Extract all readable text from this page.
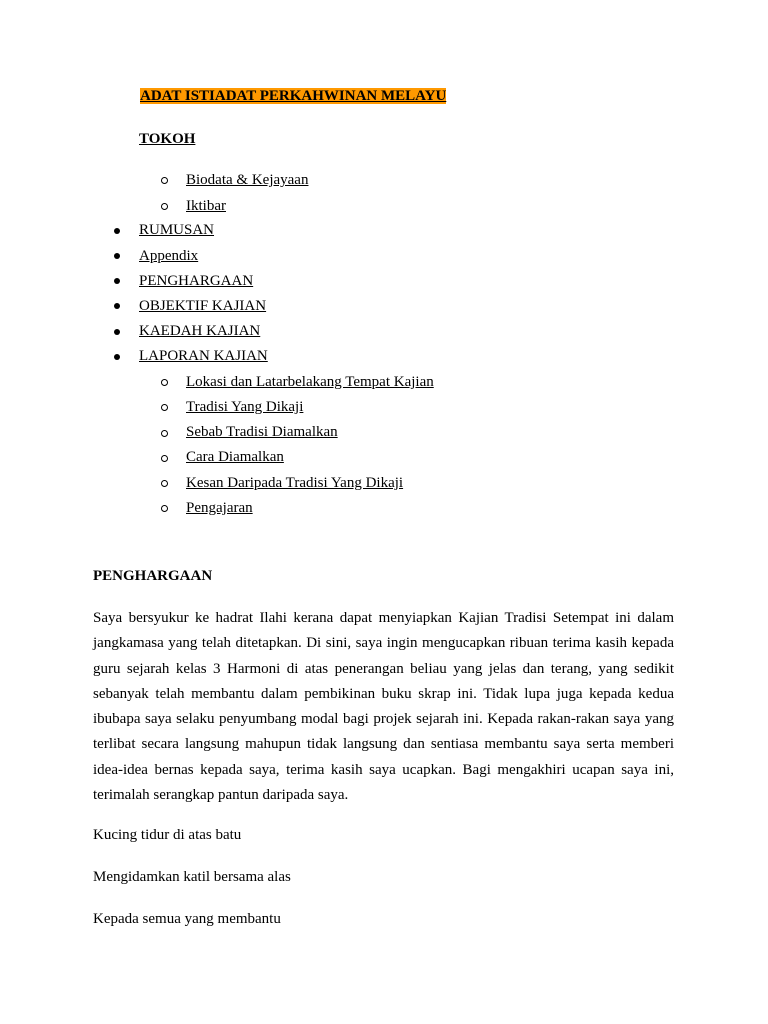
ADAT ISTIADAT PERKAHWINAN MELAYU
TOKOH
Biodata & Kejayaan
Iktibar
RUMUSAN
Appendix
PENGHARGAAN
OBJEKTIF KAJIAN
KAEDAH KAJIAN
LAPORAN KAJIAN
Lokasi dan Latarbelakang Tempat Kajian
Tradisi Yang Dikaji
Sebab Tradisi Diamalkan
Cara Diamalkan
Kesan Daripada Tradisi Yang Dikaji
Pengajaran
PENGHARGAAN

Saya bersyukur ke hadrat Ilahi kerana dapat menyiapkan Kajian Tradisi Setempat ini dalam jangkamasa yang telah ditetapkan. Di sini, saya ingin mengucapkan ribuan terima kasih kepada guru sejarah kelas 3 Harmoni di atas penerangan beliau yang jelas dan terang, yang sedikit sebanyak telah membantu dalam pembikinan buku skrap ini. Tidak lupa juga kepada kedua ibubapa saya selaku penyumbang modal bagi projek sejarah ini. Kepada rakan-rakan saya yang terlibat secara langsung mahupun tidak langsung dan sentiasa membantu saya serta memberi idea-idea bernas kepada saya, terima kasih saya ucapkan. Bagi mengakhiri ucapan saya ini, terimalah serangkap pantun daripada saya.

Kucing tidur di atas batu
Mengidamkan katil bersama alas
Kepada semua yang membantu
